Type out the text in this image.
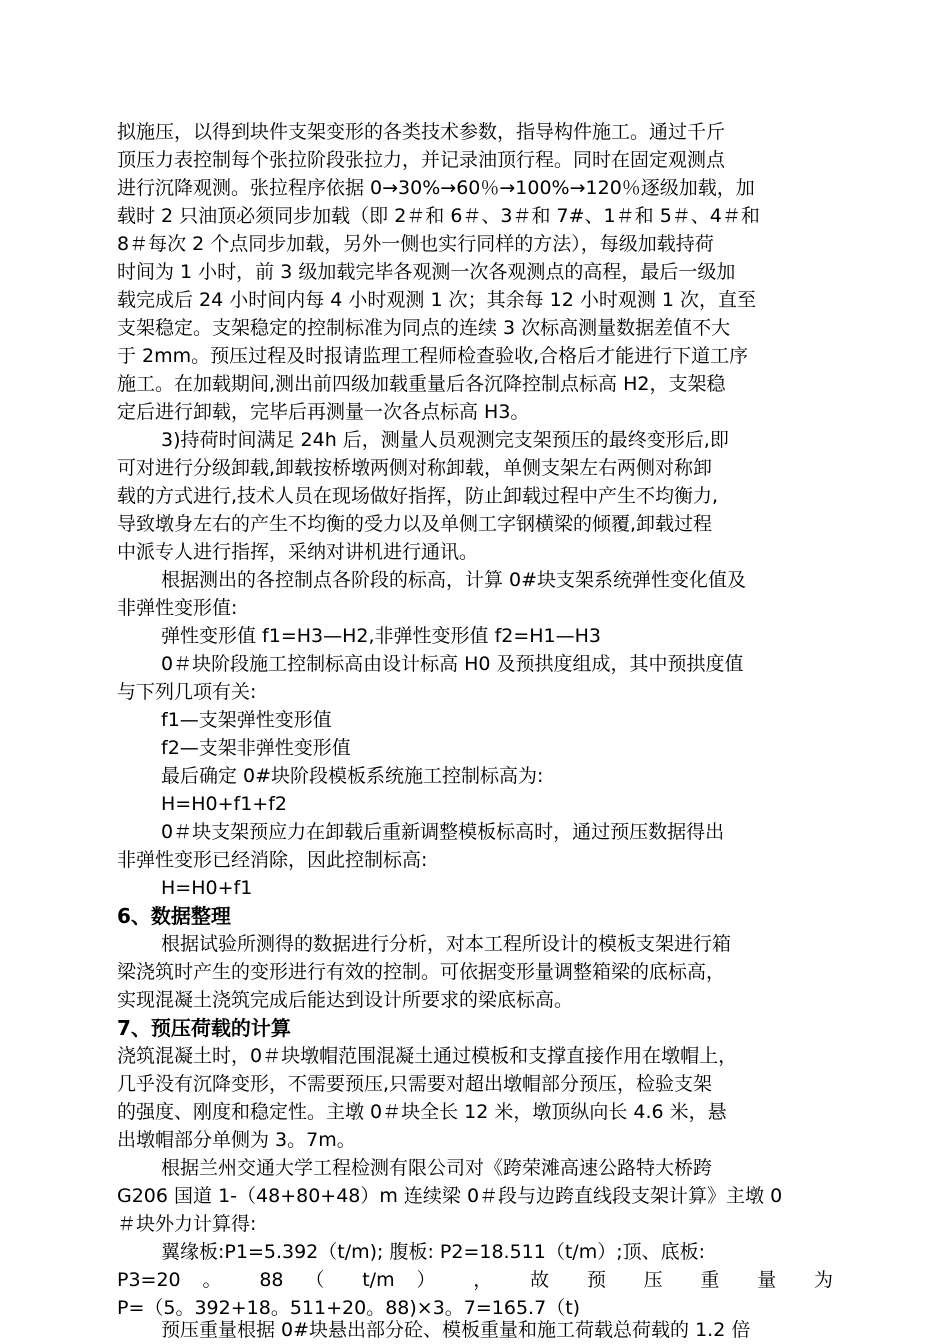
拟施压，以得到块件支架变形的各类技术参数，指导构件施工。通过千斤
顶压力表控制每个张拉阶段张拉力，并记录油顶行程。同时在固定观测点
进行沉降观测。张拉程序依据 0→30%→60％→100%→120％逐级加载，加
载时 2 只油顶必须同步加载（即 2＃和 6＃、3＃和 7#、1＃和 5＃、4＃和
8＃每次 2 个点同步加载，另外一侧也实行同样的方法），每级加载持荷
时间为 1 小时，前 3 级加载完毕各观测一次各观测点的高程，最后一级加
载完成后 24 小时间内每 4 小时观测 1 次；其余每 12 小时观测 1 次，直至
支架稳定。支架稳定的控制标准为同点的连续 3 次标高测量数据差值不大
于 2mm。预压过程及时报请监理工程师检查验收,合格后才能进行下道工序
施工。在加载期间,测出前四级加载重量后各沉降控制点标高 H2，支架稳
定后进行卸载，完毕后再测量一次各点标高 H3。
3)持荷时间满足 24h 后，测量人员观测完支架预压的最终变形后,即
可对进行分级卸载,卸载按桥墩两侧对称卸载，单侧支架左右两侧对称卸
载的方式进行,技术人员在现场做好指挥，防止卸载过程中产生不均衡力,
导致墩身左右的产生不均衡的受力以及单侧工字钢横梁的倾覆,卸载过程
中派专人进行指挥，采纳对讲机进行通讯。
根据测出的各控制点各阶段的标高，计算 0#块支架系统弹性变化值及
非弹性变形值:
弹性变形值 f1=H3—H2,非弹性变形值 f2=H1—H3
0＃块阶段施工控制标高由设计标高 H0 及预拱度组成，其中预拱度值
与下列几项有关:
f1—支架弹性变形值
f2—支架非弹性变形值
最后确定 0#块阶段模板系统施工控制标高为:
H=H0+f1+f2
0＃块支架预应力在卸载后重新调整模板标高时，通过预压数据得出
非弹性变形已经消除，因此控制标高:
H=H0+f1
6、数据整理
根据试验所测得的数据进行分析，对本工程所设计的模板支架进行箱
梁浇筑时产生的变形进行有效的控制。可依据变形量调整箱梁的底标高，
实现混凝土浇筑完成后能达到设计所要求的梁底标高。
7、预压荷载的计算
浇筑混凝土时，0＃块墩帽范围混凝土通过模板和支撑直接作用在墩帽上，
几乎没有沉降变形，不需要预压,只需要对超出墩帽部分预压，检验支架
的强度、刚度和稳定性。主墩 0＃块全长 12 米，墩顶纵向长 4.6 米，悬
出墩帽部分单侧为 3。7m。
根据兰州交通大学工程检测有限公司对《跨荣滩高速公路特大桥跨
G206 国道 1-（48+80+48）m 连续梁 0＃段与边跨直线段支架计算》主墩 0
＃块外力计算得:
翼缘板:P1=5.392（t/m); 腹板: P2=18.511（t/m）;顶、底板:
P3=20 。 88 （ t/m ） ， 故 预 压 重 量 为
P=（5。392+18。511+20。88)×3。7=165.7（t)
预压重量根据 0#块悬出部分砼、模板重量和施工荷载总荷载的 1.2 倍
